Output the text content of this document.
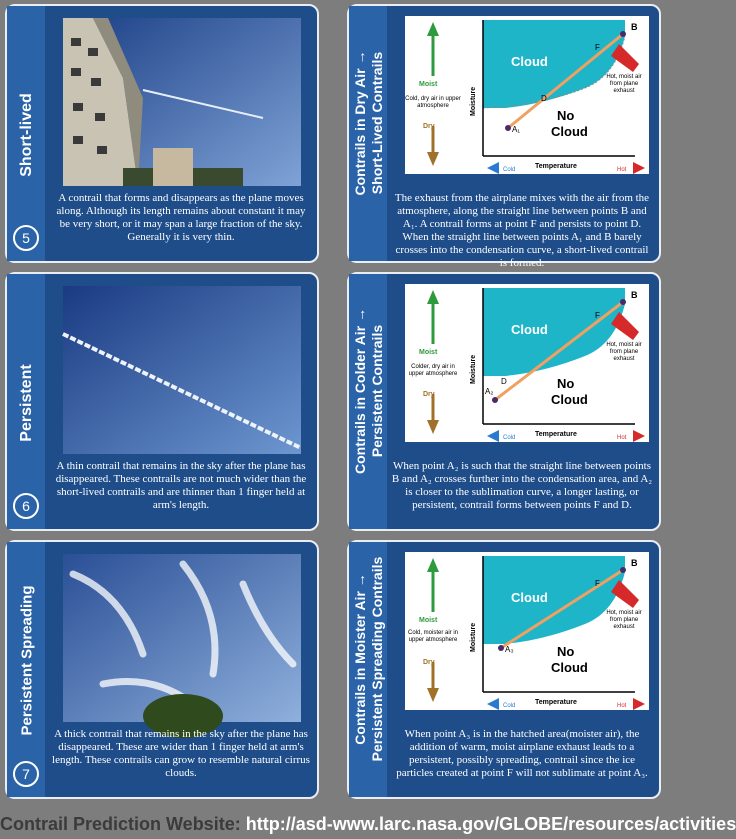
Short-lived
A contrail that forms and disappears as the plane moves along. Although its length remains about constant it may be very short, or it may span a large fraction of the sky. Generally it is very thin.
5
Persistent
A thin contrail that remains in the sky after the plane has disappeared. These contrails are not much wider than the short-lived contrails and are thinner than 1 finger held at arm's length.
6
Persistent Spreading A thick contrail that remains in the sky after the plane has disappeared. These are wider than 1 finger held at arm's length. These contrails can grow to resemble natural cirrus clouds.
7
Contrails in Dry Air → Short-Lived Contrails	Cloud
No
Cloud
B
F
D
A₁
Moist
Dry
Moisture
Temperature
Cold	Hot
Hot, moist air from plane exhaust
Cold, dry air in upper atmosphere
The exhaust from the airplane mixes with the air from the atmosphere, along the straight line between points B and A₁. A contrail forms at point F and persists to point D. When the straight line between points A₁ and B barely crosses into the condensation curve, a short-lived contrail is formed.
Contrails in Colder Air → Persistent Contrails	Cloud
No
Cloud
B
F
D
A₂
Moist
Dry
Moisture
Temperature
Cold	Hot
Hot, moist air from plane exhaust
Colder, dry air in upper atmosphere
When point A₂ is such that the straight line between points B and A₂ crosses further into the condensation area, and A₂ is closer to the sublimation curve, a longer lasting, or persistent, contrail forms between points F and D.
Contrails in Moister Air → Persistent Spreading Contrails	Cloud
No
Cloud
B
F
A₃
Moist
Dry
Moisture
Temperature
Cold	Hot
Hot, moist air from plane exhaust
Cold, moister air in upper atmosphere
When point A₃ is in the hatched area(moister air), the addition of warm, moist airplane exhaust leads to a persistent, possibly spreading, contrail since the ice particles created at point F will not sublimate at point A₃.
Contrail Prediction Website: http://asd-www.larc.nasa.gov/GLOBE/resources/activities
